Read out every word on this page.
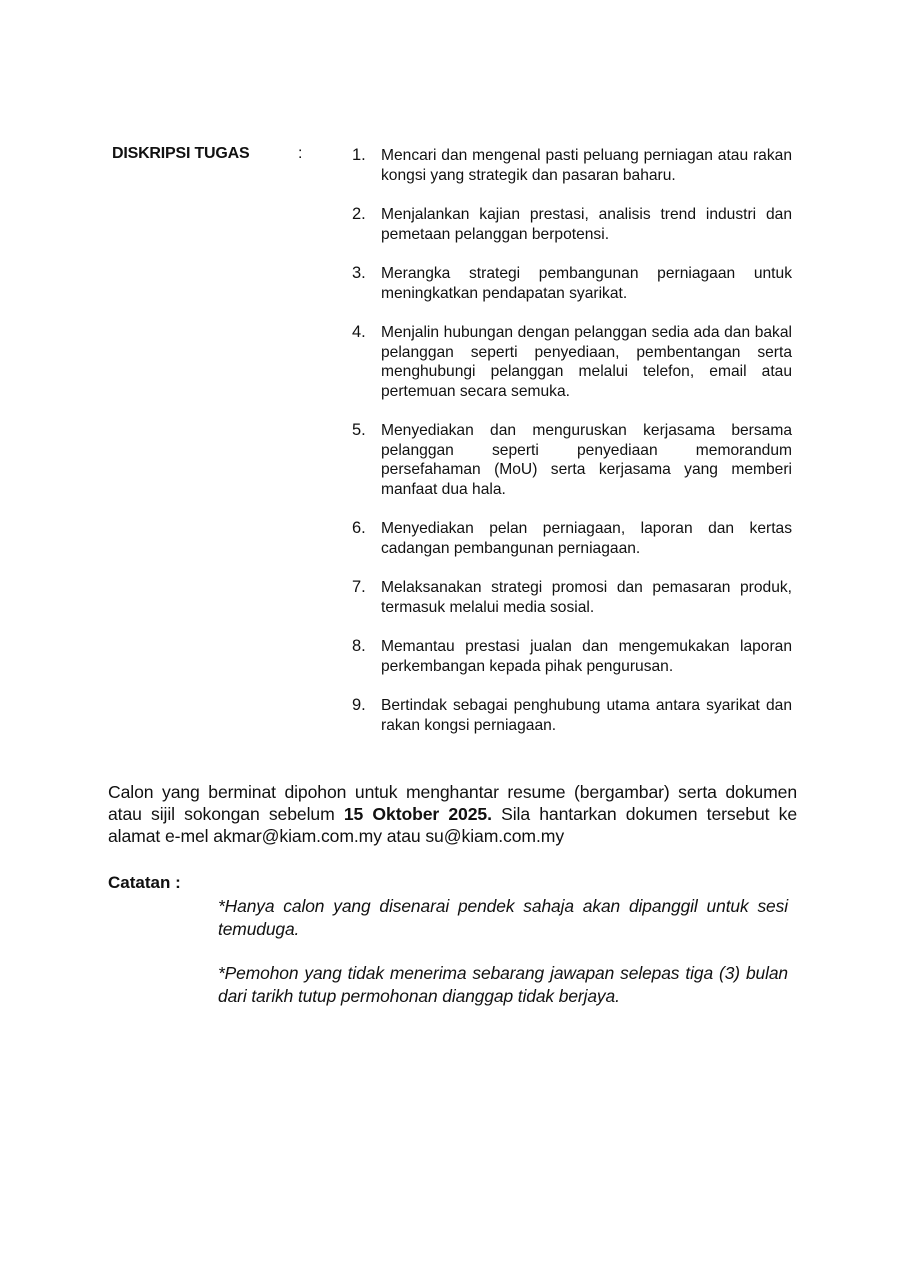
DISKRIPSI TUGAS	:	1. Mencari dan mengenal pasti peluang perniagan atau rakan kongsi yang strategik dan pasaran baharu.
2. Menjalankan kajian prestasi, analisis trend industri dan pemetaan pelanggan berpotensi.
3. Merangka strategi pembangunan perniagaan untuk meningkatkan pendapatan syarikat.
4. Menjalin hubungan dengan pelanggan sedia ada dan bakal pelanggan seperti penyediaan, pembentangan serta menghubungi pelanggan melalui telefon, email atau pertemuan secara semuka.
5. Menyediakan dan menguruskan kerjasama bersama pelanggan seperti penyediaan memorandum persefahaman (MoU) serta kerjasama yang memberi manfaat dua hala.
6. Menyediakan pelan perniagaan, laporan dan kertas cadangan pembangunan perniagaan.
7. Melaksanakan strategi promosi dan pemasaran produk, termasuk melalui media sosial.
8. Memantau prestasi jualan dan mengemukakan laporan perkembangan kepada pihak pengurusan.
9. Bertindak sebagai penghubung utama antara syarikat dan rakan kongsi perniagaan.

Calon yang berminat dipohon untuk menghantar resume (bergambar) serta dokumen atau sijil sokongan sebelum 15 Oktober 2025. Sila hantarkan dokumen tersebut ke alamat e-mel akmar@kiam.com.my atau su@kiam.com.my

Catatan :
*Hanya calon yang disenarai pendek sahaja akan dipanggil untuk sesi temuduga.
*Pemohon yang tidak menerima sebarang jawapan selepas tiga (3) bulan dari tarikh tutup permohonan dianggap tidak berjaya.
